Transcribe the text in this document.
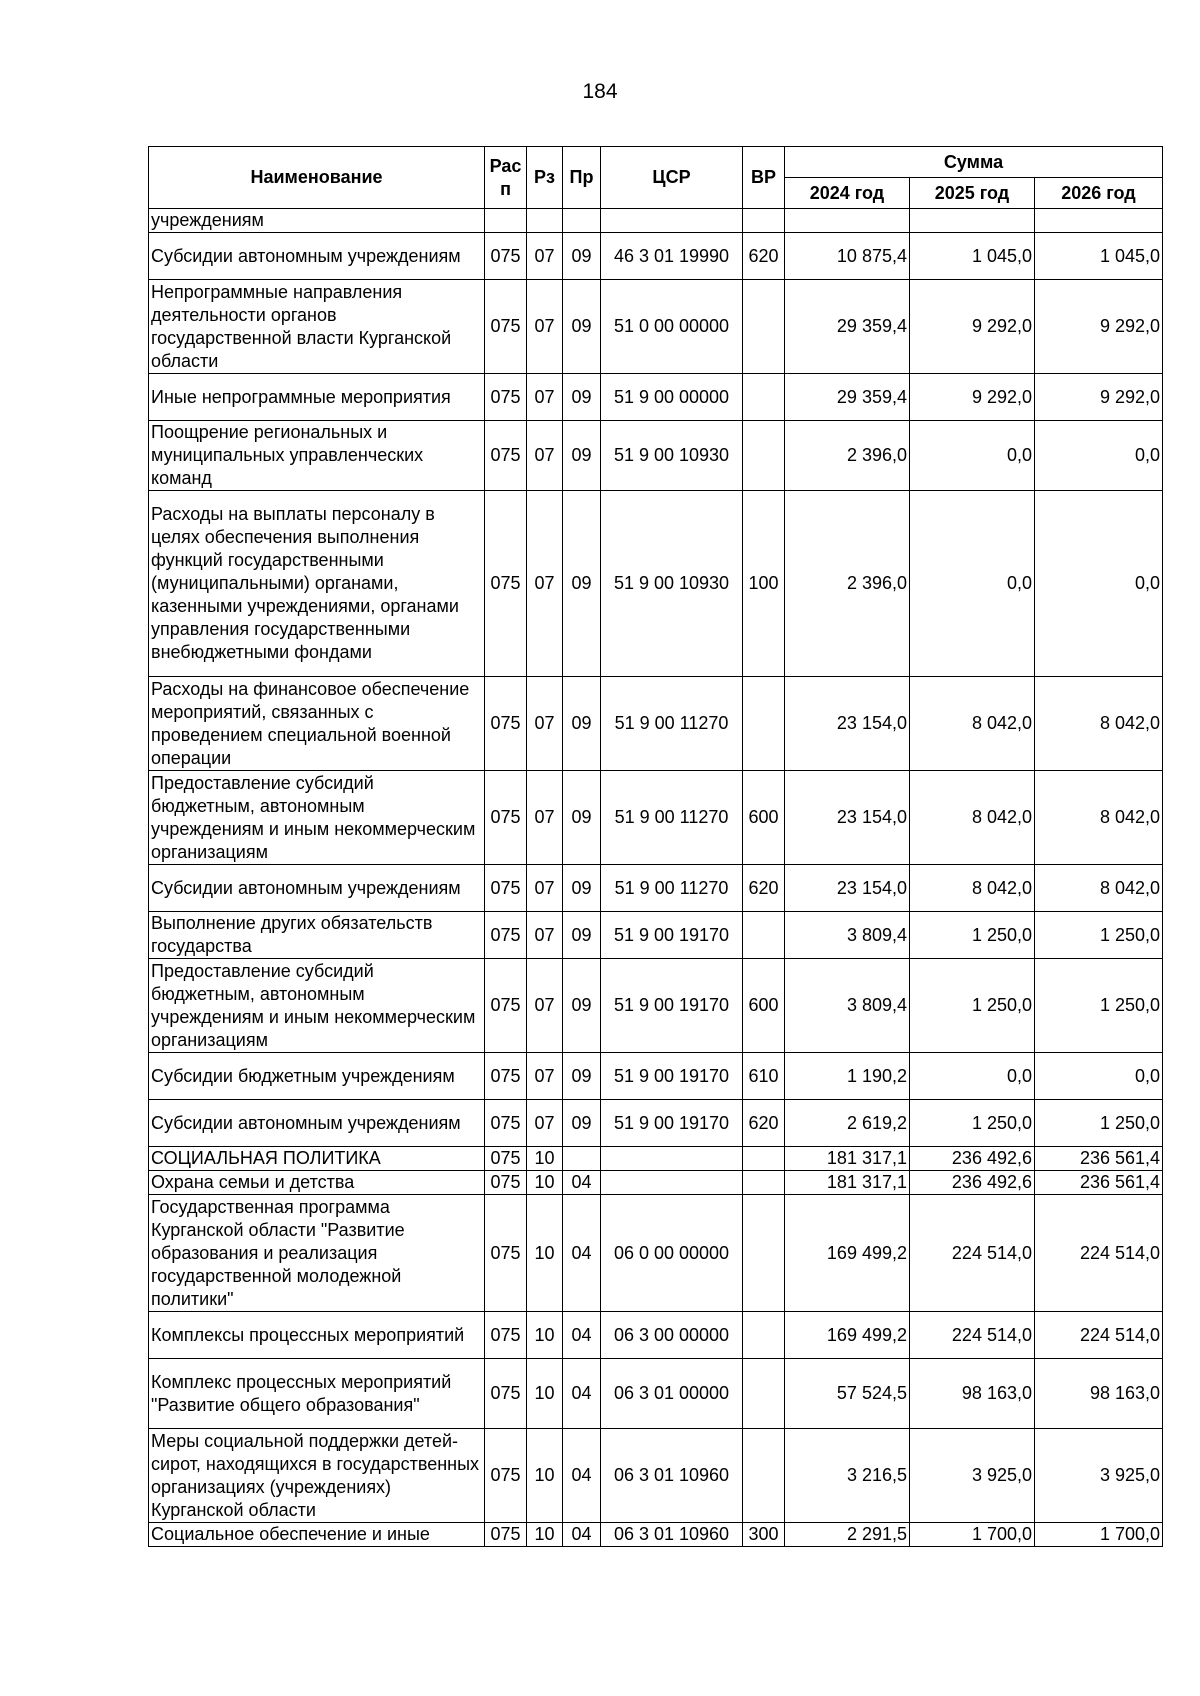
184
Наименование	Рас п	Рз	Пр	ЦСР	ВР	Сумма		
						2024 год	2025 год	2026 год
учреждениям								
Субсидии автономным учреждениям	075	07	09	46 3 01 19990	620	10 875,4	1 045,0	1 045,0
Непрограммные направления деятельности органов государственной власти Курганской области	075	07	09	51 0 00 00000		29 359,4	9 292,0	9 292,0
Иные непрограммные мероприятия	075	07	09	51 9 00 00000		29 359,4	9 292,0	9 292,0
Поощрение региональных и муниципальных управленческих команд	075	07	09	51 9 00 10930		2 396,0	0,0	0,0
Расходы на выплаты персоналу в целях обеспечения выполнения функций государственными (муниципальными) органами, казенными учреждениями, органами управления государственными внебюджетными фондами	075	07	09	51 9 00 10930	100	2 396,0	0,0	0,0
Расходы на финансовое обеспечение мероприятий, связанных с проведением специальной военной операции	075	07	09	51 9 00 11270		23 154,0	8 042,0	8 042,0
Предоставление субсидий бюджетным, автономным учреждениям и иным некоммерческим организациям	075	07	09	51 9 00 11270	600	23 154,0	8 042,0	8 042,0
Субсидии автономным учреждениям	075	07	09	51 9 00 11270	620	23 154,0	8 042,0	8 042,0
Выполнение других обязательств государства	075	07	09	51 9 00 19170		3 809,4	1 250,0	1 250,0
Предоставление субсидий бюджетным, автономным учреждениям и иным некоммерческим организациям	075	07	09	51 9 00 19170	600	3 809,4	1 250,0	1 250,0
Субсидии бюджетным учреждениям	075	07	09	51 9 00 19170	610	1 190,2	0,0	0,0
Субсидии автономным учреждениям	075	07	09	51 9 00 19170	620	2 619,2	1 250,0	1 250,0
СОЦИАЛЬНАЯ ПОЛИТИКА	075	10				181 317,1	236 492,6	236 561,4
Охрана семьи и детства	075	10	04			181 317,1	236 492,6	236 561,4
Государственная программа Курганской области "Развитие образования и реализация государственной молодежной политики"	075	10	04	06 0 00 00000		169 499,2	224 514,0	224 514,0
Комплексы процессных мероприятий	075	10	04	06 3 00 00000		169 499,2	224 514,0	224 514,0
Комплекс процессных мероприятий "Развитие общего образования"	075	10	04	06 3 01 00000		57 524,5	98 163,0	98 163,0
Меры социальной поддержки детей-сирот, находящихся в государственных организациях (учреждениях) Курганской области	075	10	04	06 3 01 10960		3 216,5	3 925,0	3 925,0
Социальное обеспечение и иные	075	10	04	06 3 01 10960	300	2 291,5	1 700,0	1 700,0
